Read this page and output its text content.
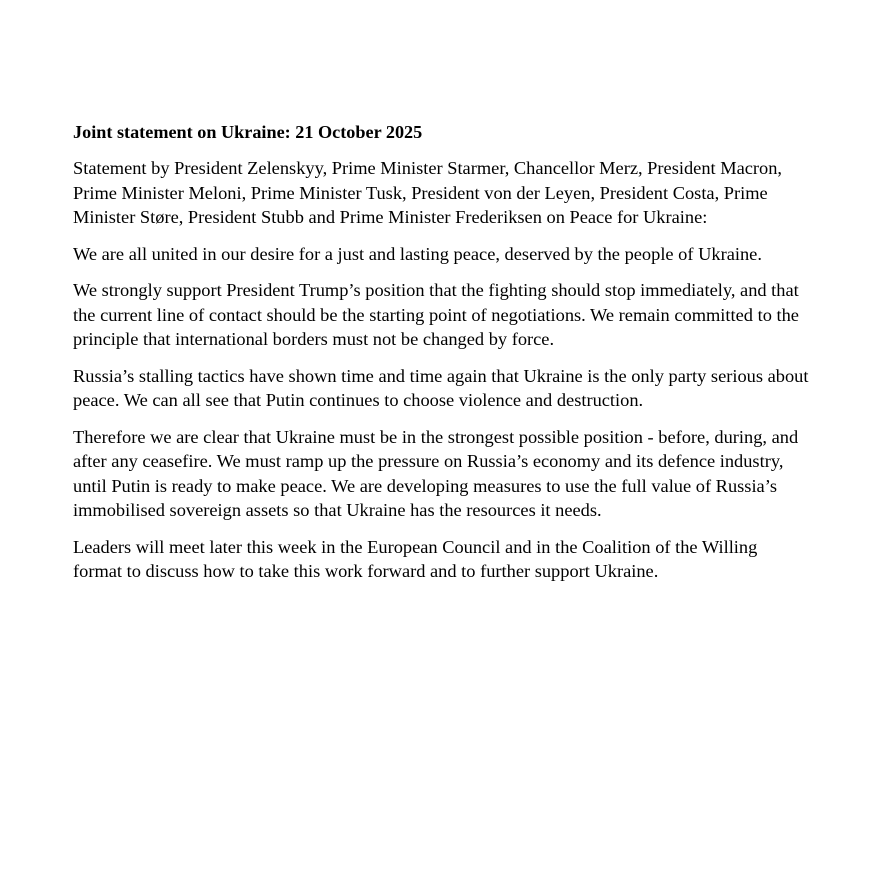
Joint statement on Ukraine: 21 October 2025
Statement by President Zelenskyy, Prime Minister Starmer, Chancellor Merz, President Macron, Prime Minister Meloni, Prime Minister Tusk, President von der Leyen, President Costa, Prime Minister Støre, President Stubb and Prime Minister Frederiksen on Peace for Ukraine:
We are all united in our desire for a just and lasting peace, deserved by the people of Ukraine.
We strongly support President Trump’s position that the fighting should stop immediately, and that the current line of contact should be the starting point of negotiations. We remain committed to the principle that international borders must not be changed by force.
Russia’s stalling tactics have shown time and time again that Ukraine is the only party serious about peace. We can all see that Putin continues to choose violence and destruction.
Therefore we are clear that Ukraine must be in the strongest possible position - before, during, and after any ceasefire. We must ramp up the pressure on Russia’s economy and its defence industry, until Putin is ready to make peace. We are developing measures to use the full value of Russia’s immobilised sovereign assets so that Ukraine has the resources it needs.
Leaders will meet later this week in the European Council and in the Coalition of the Willing format to discuss how to take this work forward and to further support Ukraine.
